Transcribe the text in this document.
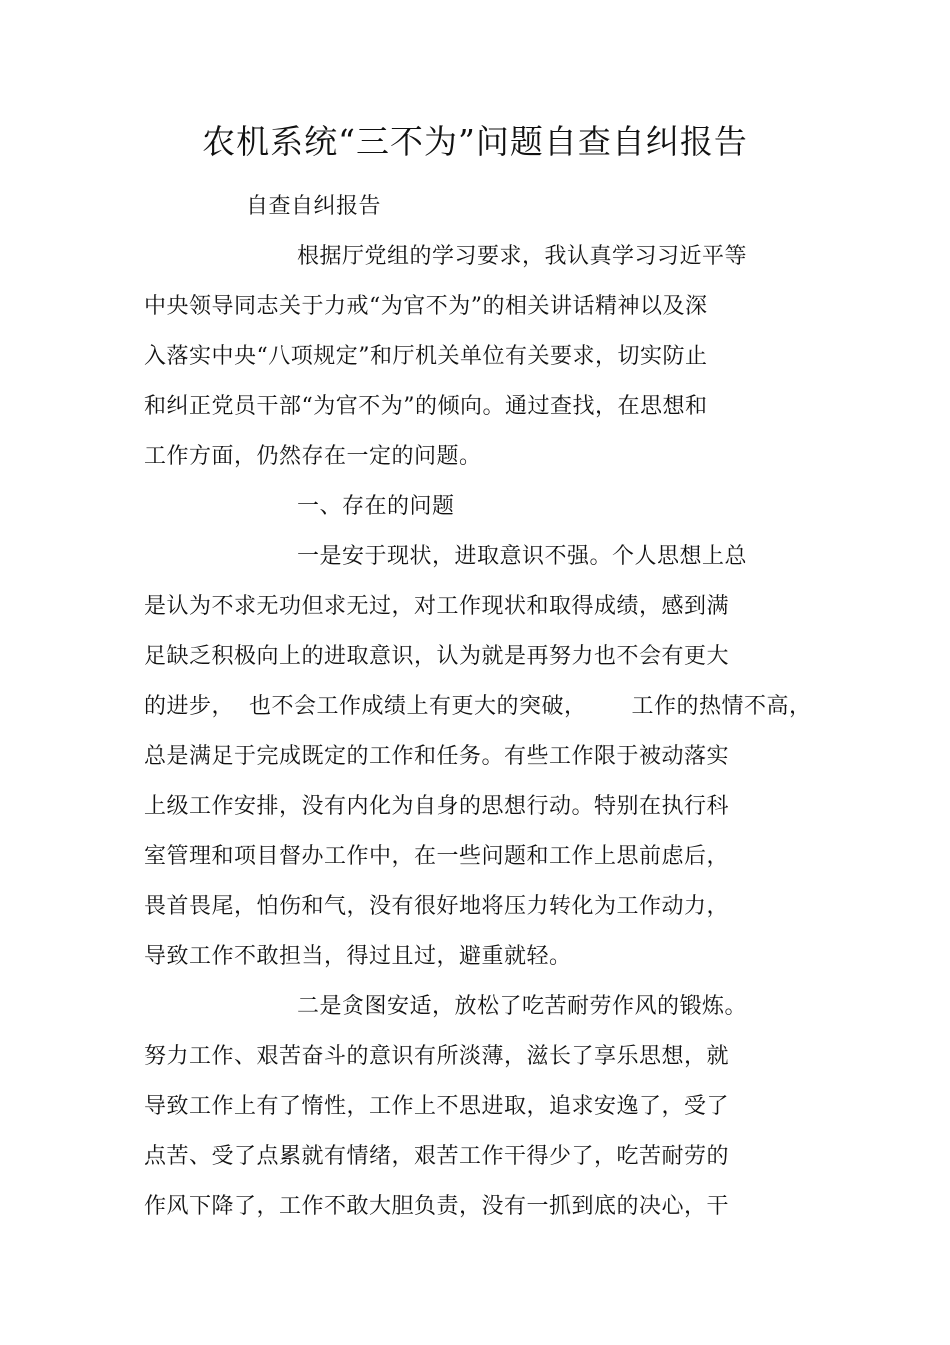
农机系统“三不为”问题自查自纠报告
自查自纠报告
根据厅党组的学习要求，我认真学习习近平等
中央领导同志关于力戒“为官不为”的相关讲话精神以及深
入落实中央“八项规定”和厅机关单位有关要求，切实防止
和纠正党员干部“为官不为”的倾向。通过查找，在思想和
工作方面，仍然存在一定的问题。
一、存在的问题
一是安于现状，进取意识不强。个人思想上总
是认为不求无功但求无过，对工作现状和取得成绩，感到满
足缺乏积极向上的进取意识，认为就是再努力也不会有更大
的进步，  也不会工作成绩上有更大的突破，      工作的热情不高，
总是满足于完成既定的工作和任务。有些工作限于被动落实
上级工作安排，没有内化为自身的思想行动。特别在执行科
室管理和项目督办工作中，在一些问题和工作上思前虑后，
畏首畏尾，怕伤和气，没有很好地将压力转化为工作动力，
导致工作不敢担当，得过且过，避重就轻。
二是贪图安适，放松了吃苦耐劳作风的锻炼。
努力工作、艰苦奋斗的意识有所淡薄，滋长了享乐思想，就
导致工作上有了惰性，工作上不思进取，追求安逸了，受了
点苦、受了点累就有情绪，艰苦工作干得少了，吃苦耐劳的
作风下降了，工作不敢大胆负责，没有一抓到底的决心，干
